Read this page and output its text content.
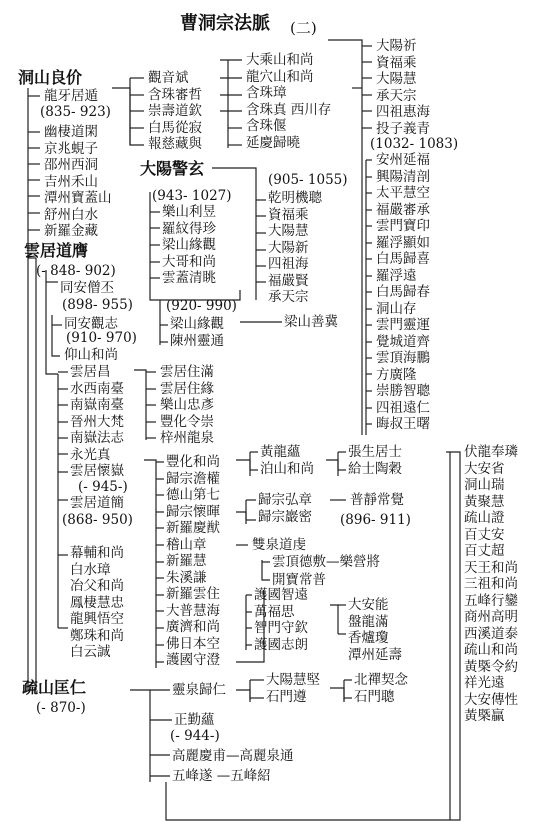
曹洞宗法脈 (二)
洞山良价
大陽警玄
雲居道膺
疏山匡仁
龍牙居遁
(835- 923)
幽棲道閑
京兆蜆子
邵州西洞
吉州禾山
潭州寶蓋山
舒州白水
新羅金藏
觀音斌
含珠審哲
崇壽道欽
白馬從寂
報慈藏與
大乘山和尚
龍穴山和尚
含珠璋
含珠真 西川存
含珠偃
延慶歸曉
大陽祈
資福乘
大陽慧
承天宗
四祖惠海
投子義青
(1032- 1083)
安州延福
興陽清剖
太平慧空
福嚴審承
雲門寶印
羅浮顯如
白馬歸喜
羅浮遠
白馬歸春
洞山存
雲門靈運
覺城道齊
雲頂海鵬
方廣隆
崇勝智聰
四祖遠仁
晦叔王曙
(943- 1027)
(905- 1055)
樂山利昱
羅紋得珍
梁山緣觀
大哥和尚
雲蓋清眺
乾明機聰
資福乘
大陽慧
大陽新
四祖海
福嚴賢
承天宗
(920- 990)
梁山緣觀
陳州靈通
梁山善冀
(- 848- 902)
同安僧丕
(898- 955)
同安觀志
(910- 970)
仰山和尚
雲居昌
水西南臺
南嶽南臺
晉州大梵
南嶽法志
永光真
雲居懷嶽
(- 945-)
雲居道簡
(868- 950)
幕輔和尚
白水璋
冶父和尚
鳳棲慧忠
龍興悟空
鄭珠和尚
白云誠
雲居住滿
雲居住緣
樂山忠彥
豐化令崇
梓州龍泉
豐化和尚
歸宗澹權
德山第七
歸宗懷暉
新羅慶猷
稽山章
新羅慧
朱溪謙
新羅雲住
大普慧海
廣濟和尚
佛日本空
護國守澄
黃龍蘊
泊山和尚
張生居士
給士陶穀
歸宗弘章
歸宗巖密
普靜常覺
(896- 911)
雙泉道虔
雲頂德敷—樂營將
開寶常普
護國智遠
萬福思
智門守欽
護國志朗
大安能
盤龍滿
香爐瓊
潭州延壽
伏龍奉璘
大安省
洞山瑞
黃聚慧
疏山證
百丈安
百丈超
天王和尚
三祖和尚
五峰行鑾
商州高明
西溪道泰
疏山和尚
黃槩令約
祥光遠
大安傳性
黃槩贏
(- 870-)
靈泉歸仁
大陽慧堅
石門遵
北禪契念
石門聰
正勤蘊
(- 944-)
高麗慶甫—高麗泉通
五峰遂 —五峰紹
